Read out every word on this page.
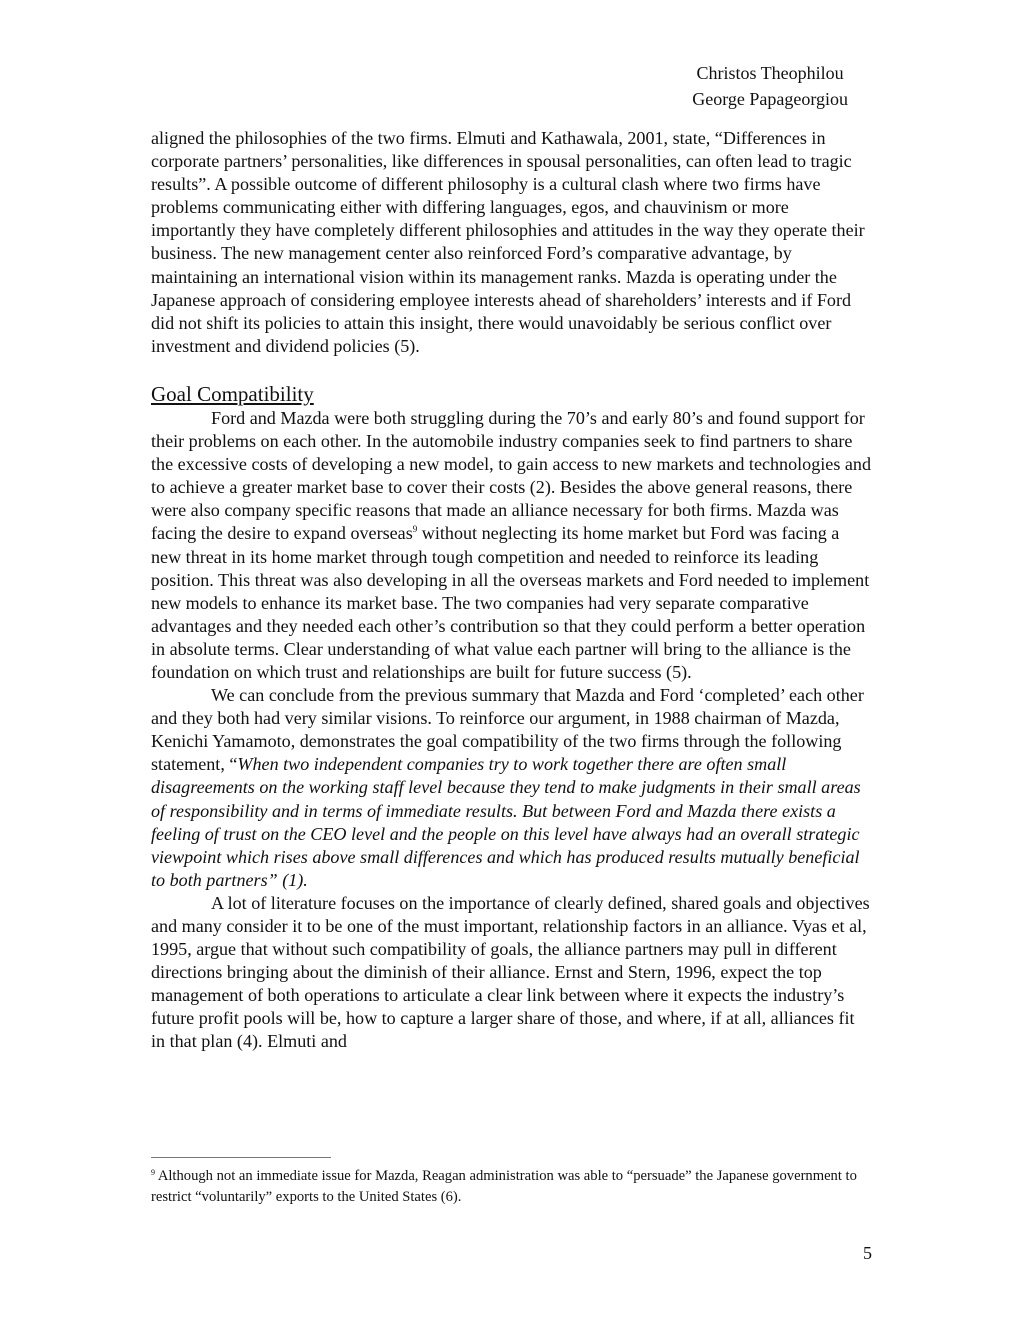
Christos Theophilou
George Papageorgiou

aligned the philosophies of the two firms. Elmuti and Kathawala, 2001, state, “Differences in corporate partners’ personalities, like differences in spousal personalities, can often lead to tragic results”. A possible outcome of different philosophy is a cultural clash where two firms have problems communicating either with differing languages, egos, and chauvinism or more importantly they have completely different philosophies and attitudes in the way they operate their business. The new management center also reinforced Ford’s comparative advantage, by maintaining an international vision within its management ranks. Mazda is operating under the Japanese approach of considering employee interests ahead of shareholders’ interests and if Ford did not shift its policies to attain this insight, there would unavoidably be serious conflict over investment and dividend policies (5).

Goal Compatibility

Ford and Mazda were both struggling during the 70’s and early 80’s and found support for their problems on each other. In the automobile industry companies seek to find partners to share the excessive costs of developing a new model, to gain access to new markets and technologies and to achieve a greater market base to cover their costs (2). Besides the above general reasons, there were also company specific reasons that made an alliance necessary for both firms. Mazda was facing the desire to expand overseas$^9$ without neglecting its home market but Ford was facing a new threat in its home market through tough competition and needed to reinforce its leading position. This threat was also developing in all the overseas markets and Ford needed to implement new models to enhance its market base. The two companies had very separate comparative advantages and they needed each other’s contribution so that they could perform a better operation in absolute terms. Clear understanding of what value each partner will bring to the alliance is the foundation on which trust and relationships are built for future success (5).

We can conclude from the previous summary that Mazda and Ford ‘completed’ each other and they both had very similar visions. To reinforce our argument, in 1988 chairman of Mazda, Kenichi Yamamoto, demonstrates the goal compatibility of the two firms through the following statement, “When two independent companies try to work together there are often small disagreements on the working staff level because they tend to make judgments in their small areas of responsibility and in terms of immediate results. But between Ford and Mazda there exists a feeling of trust on the CEO level and the people on this level have always had an overall strategic viewpoint which rises above small differences and which has produced results mutually beneficial to both partners” (1).

A lot of literature focuses on the importance of clearly defined, shared goals and objectives and many consider it to be one of the must important, relationship factors in an alliance. Vyas et al, 1995, argue that without such compatibility of goals, the alliance partners may pull in different directions bringing about the diminish of their alliance. Ernst and Stern, 1996, expect the top management of both operations to articulate a clear link between where it expects the industry’s future profit pools will be, how to capture a larger share of those, and where, if at all, alliances fit in that plan (4). Elmuti and

$^9$ Although not an immediate issue for Mazda, Reagan administration was able to “persuade” the Japanese government to restrict “voluntarily” exports to the United States (6).
5
